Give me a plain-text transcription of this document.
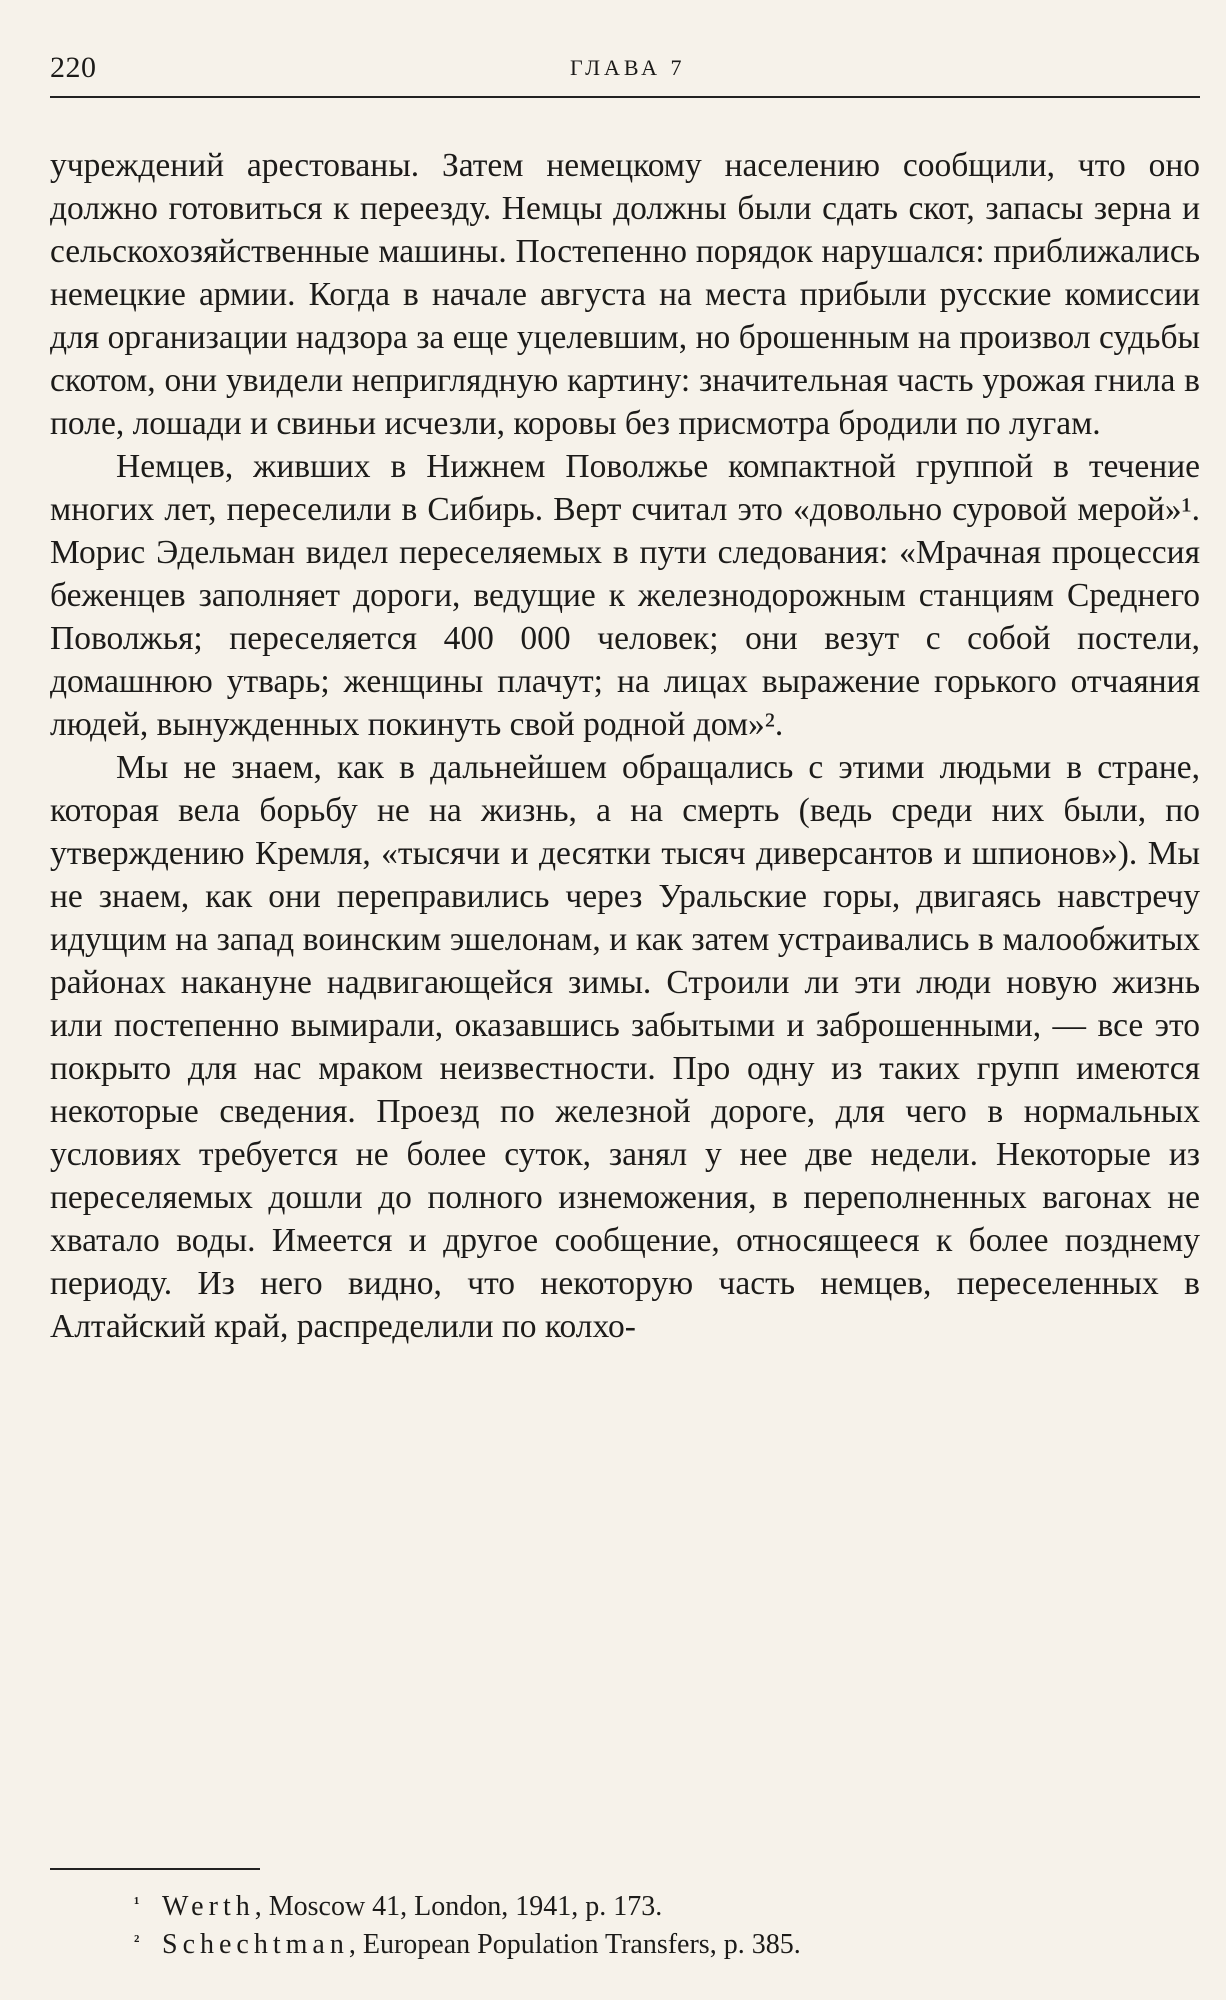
220	ГЛАВА 7

учреждений арестованы. Затем немецкому населению сообщили, что оно должно готовиться к переезду. Немцы должны были сдать скот, запасы зерна и сельскохозяйственные машины. Постепенно порядок нарушался: приближались немецкие армии. Когда в начале августа на места прибыли русские комиссии для организации надзора за еще уцелевшим, но брошенным на произвол судьбы скотом, они увидели неприглядную картину: значительная часть урожая гнила в поле, лошади и свиньи исчезли, коровы без присмотра бродили по лугам.

Немцев, живших в Нижнем Поволжье компактной группой в течение многих лет, переселили в Сибирь. Верт считал это «довольно суровой мерой»¹. Морис Эдельман видел переселяемых в пути следования: «Мрачная процессия беженцев заполняет дороги, ведущие к железнодорожным станциям Среднего Поволжья; переселяется 400 000 человек; они везут с собой постели, домашнюю утварь; женщины плачут; на лицах выражение горького отчаяния людей, вынужденных покинуть свой родной дом»².

Мы не знаем, как в дальнейшем обращались с этими людьми в стране, которая вела борьбу не на жизнь, а на смерть (ведь среди них были, по утверждению Кремля, «тысячи и десятки тысяч диверсантов и шпионов»). Мы не знаем, как они переправились через Уральские горы, двигаясь навстречу идущим на запад воинским эшелонам, и как затем устраивались в малообжитых районах накануне надвигающейся зимы. Строили ли эти люди новую жизнь или постепенно вымирали, оказавшись забытыми и заброшенными, — все это покрыто для нас мраком неизвестности. Про одну из таких групп имеются некоторые сведения. Проезд по железной дороге, для чего в нормальных условиях требуется не более суток, занял у нее две недели. Некоторые из переселяемых дошли до полного изнеможения, в переполненных вагонах не хватало воды. Имеется и другое сообщение, относящееся к более позднему периоду. Из него видно, что некоторую часть немцев, переселенных в Алтайский край, распределили по колхо-

¹ Werth, Moscow 41, London, 1941, p. 173.
² Schechtman, European Population Transfers, p. 385.
